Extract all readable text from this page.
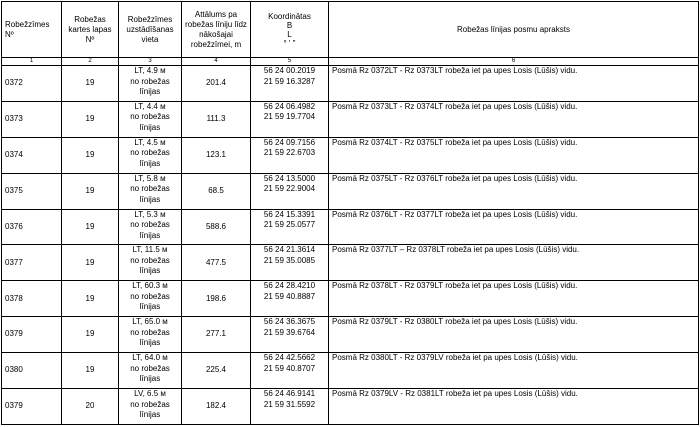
Robežzīmes Nº	Robežas kartes lapas Nº	Robežzīmes uzstādīšanas vieta	Attālums pa robežas līniju līdz nākošajai robežzīmei, m	Koordinātas
B
L
° ' "	Robežas līnijas posmu apraksts
1	2	3	4	5	6
0372	19	LT, 4.9 м
no robežas
līnijas	201.4	56 24 00.2019
21 59 16.3287	Posmā Rz 0372LT - Rz 0373LT robeža iet pa upes Losis (Lūšis) vidu.
0373	19	LT, 4.4 м
no robežas
līnijas	111.3	56 24 06.4982
21 59 19.7704	Posmā Rz 0373LT - Rz 0374LT robeža iet pa upes Losis (Lūšis) vidu.
0374	19	LT, 4.5 м
no robežas
līnijas	123.1	56 24 09.7156
21 59 22.6703	Posmā Rz 0374LT - Rz 0375LT robeža iet pa upes Losis (Lūšis) vidu.
0375	19	LT, 5.8 м
no robežas
līnijas	68.5	56 24 13.5000
21 59 22.9004	Posmā Rz 0375LT - Rz 0376LT robeža iet pa upes Losis (Lūšis) vidu.
0376	19	LT, 5.3 м
no robežas
līnijas	588.6	56 24 15.3391
21 59 25.0577	Posmā Rz 0376LT - Rz 0377LT robeža iet pa upes Losis (Lūšis) vidu.
0377	19	LT, 11.5 м
no robežas
līnijas	477.5	56 24 21.3614
21 59 35.0085	Posmā Rz 0377LT – Rz 0378LT robeža iet pa upes Losis (Lūšis) vidu.
0378	19	LT, 60.3 м
no robežas
līnijas	198.6	56 24 28.4210
21 59 40.8887	Posmā Rz 0378LT - Rz 0379LT robeža iet pa upes Losis (Lūšis) vidu.
0379	19	LT, 65.0 м
no robežas
līnijas	277.1	56 24 36.3675
21 59 39.6764	Posmā Rz 0379LT - Rz 0380LT robeža iet pa upes Losis (Lūšis) vidu.
0380	19	LT, 64.0 м
no robežas
līnijas	225.4	56 24 42.5662
21 59 40.8707	Posmā Rz 0380LT - Rz 0379LV robeža iet pa upes Losis (Lūšis) vidu.
0379	20	LV, 6.5 м
no robežas
līnijas	182.4	56 24 46.9141
21 59 31.5592	Posmā Rz 0379LV - Rz 0381LT robeža iet pa upes Losis (Lūšis) vidu.
